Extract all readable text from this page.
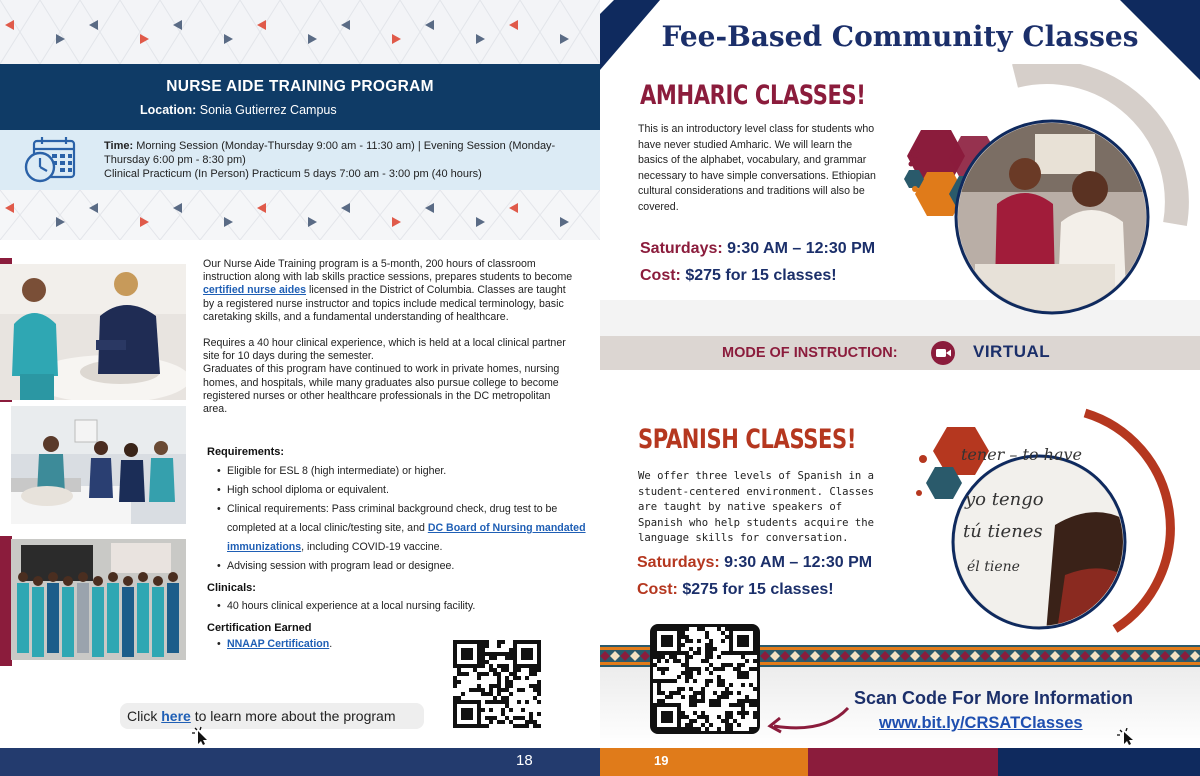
NURSE AIDE TRAINING PROGRAM
Location: Sonia Gutierrez Campus
Time: Morning Session (Monday-Thursday 9:00 am - 11:30 am) | Evening Session (Monday-Thursday 6:00 pm - 8:30 pm)
Clinical Practicum (In Person) Practicum 5 days 7:00 am - 3:00 pm (40 hours)

Our Nurse Aide Training program is a 5-month, 200 hours of classroom instruction along with lab skills practice sessions, prepares students to become certified nurse aides licensed in the District of Columbia. Classes are taught by a registered nurse instructor and topics include medical terminology, basic caretaking skills, and a fundamental understanding of healthcare.

Requires a 40 hour clinical experience, which is held at a local clinical partner site for 10 days during the semester.

Graduates of this program have continued to work in private homes, nursing homes, and hospitals, while many graduates also pursue college to become registered nurses or other healthcare professionals in the DC metropolitan area.

Requirements:
• Eligible for ESL 8 (high intermediate) or higher.
• High school diploma or equivalent.
• Clinical requirements: Pass criminal background check, drug test to be completed at a local clinic/testing site, and DC Board of Nursing mandated immunizations, including COVID-19 vaccine.
• Advising session with program lead or designee.
Clinicals:
• 40 hours clinical experience at a local nursing facility.
Certification Earned
• NNAAP Certification.
Click here to learn more about the program
18
Fee-Based Community Classes
AMHARIC CLASSES!
This is an introductory level class for students who have never studied Amharic. We will learn the basics of the alphabet, vocabulary, and grammar necessary to have simple conversations. Ethiopian cultural considerations and traditions will also be covered.
Saturdays: 9:30 AM – 12:30 PM
Cost: $275 for 15 classes!
MODE OF INSTRUCTION:	VIRTUAL
SPANISH CLASSES!
We offer three levels of Spanish in a student-centered environment. Classes are taught by native speakers of Spanish who help students acquire the language skills for conversation.
Saturdays: 9:30 AM – 12:30 PM
Cost: $275 for 15 classes!
tener – to have
yo tengo
tú tienes
él tiene
Scan Code For More Information
www.bit.ly/CRSATClasses
19
